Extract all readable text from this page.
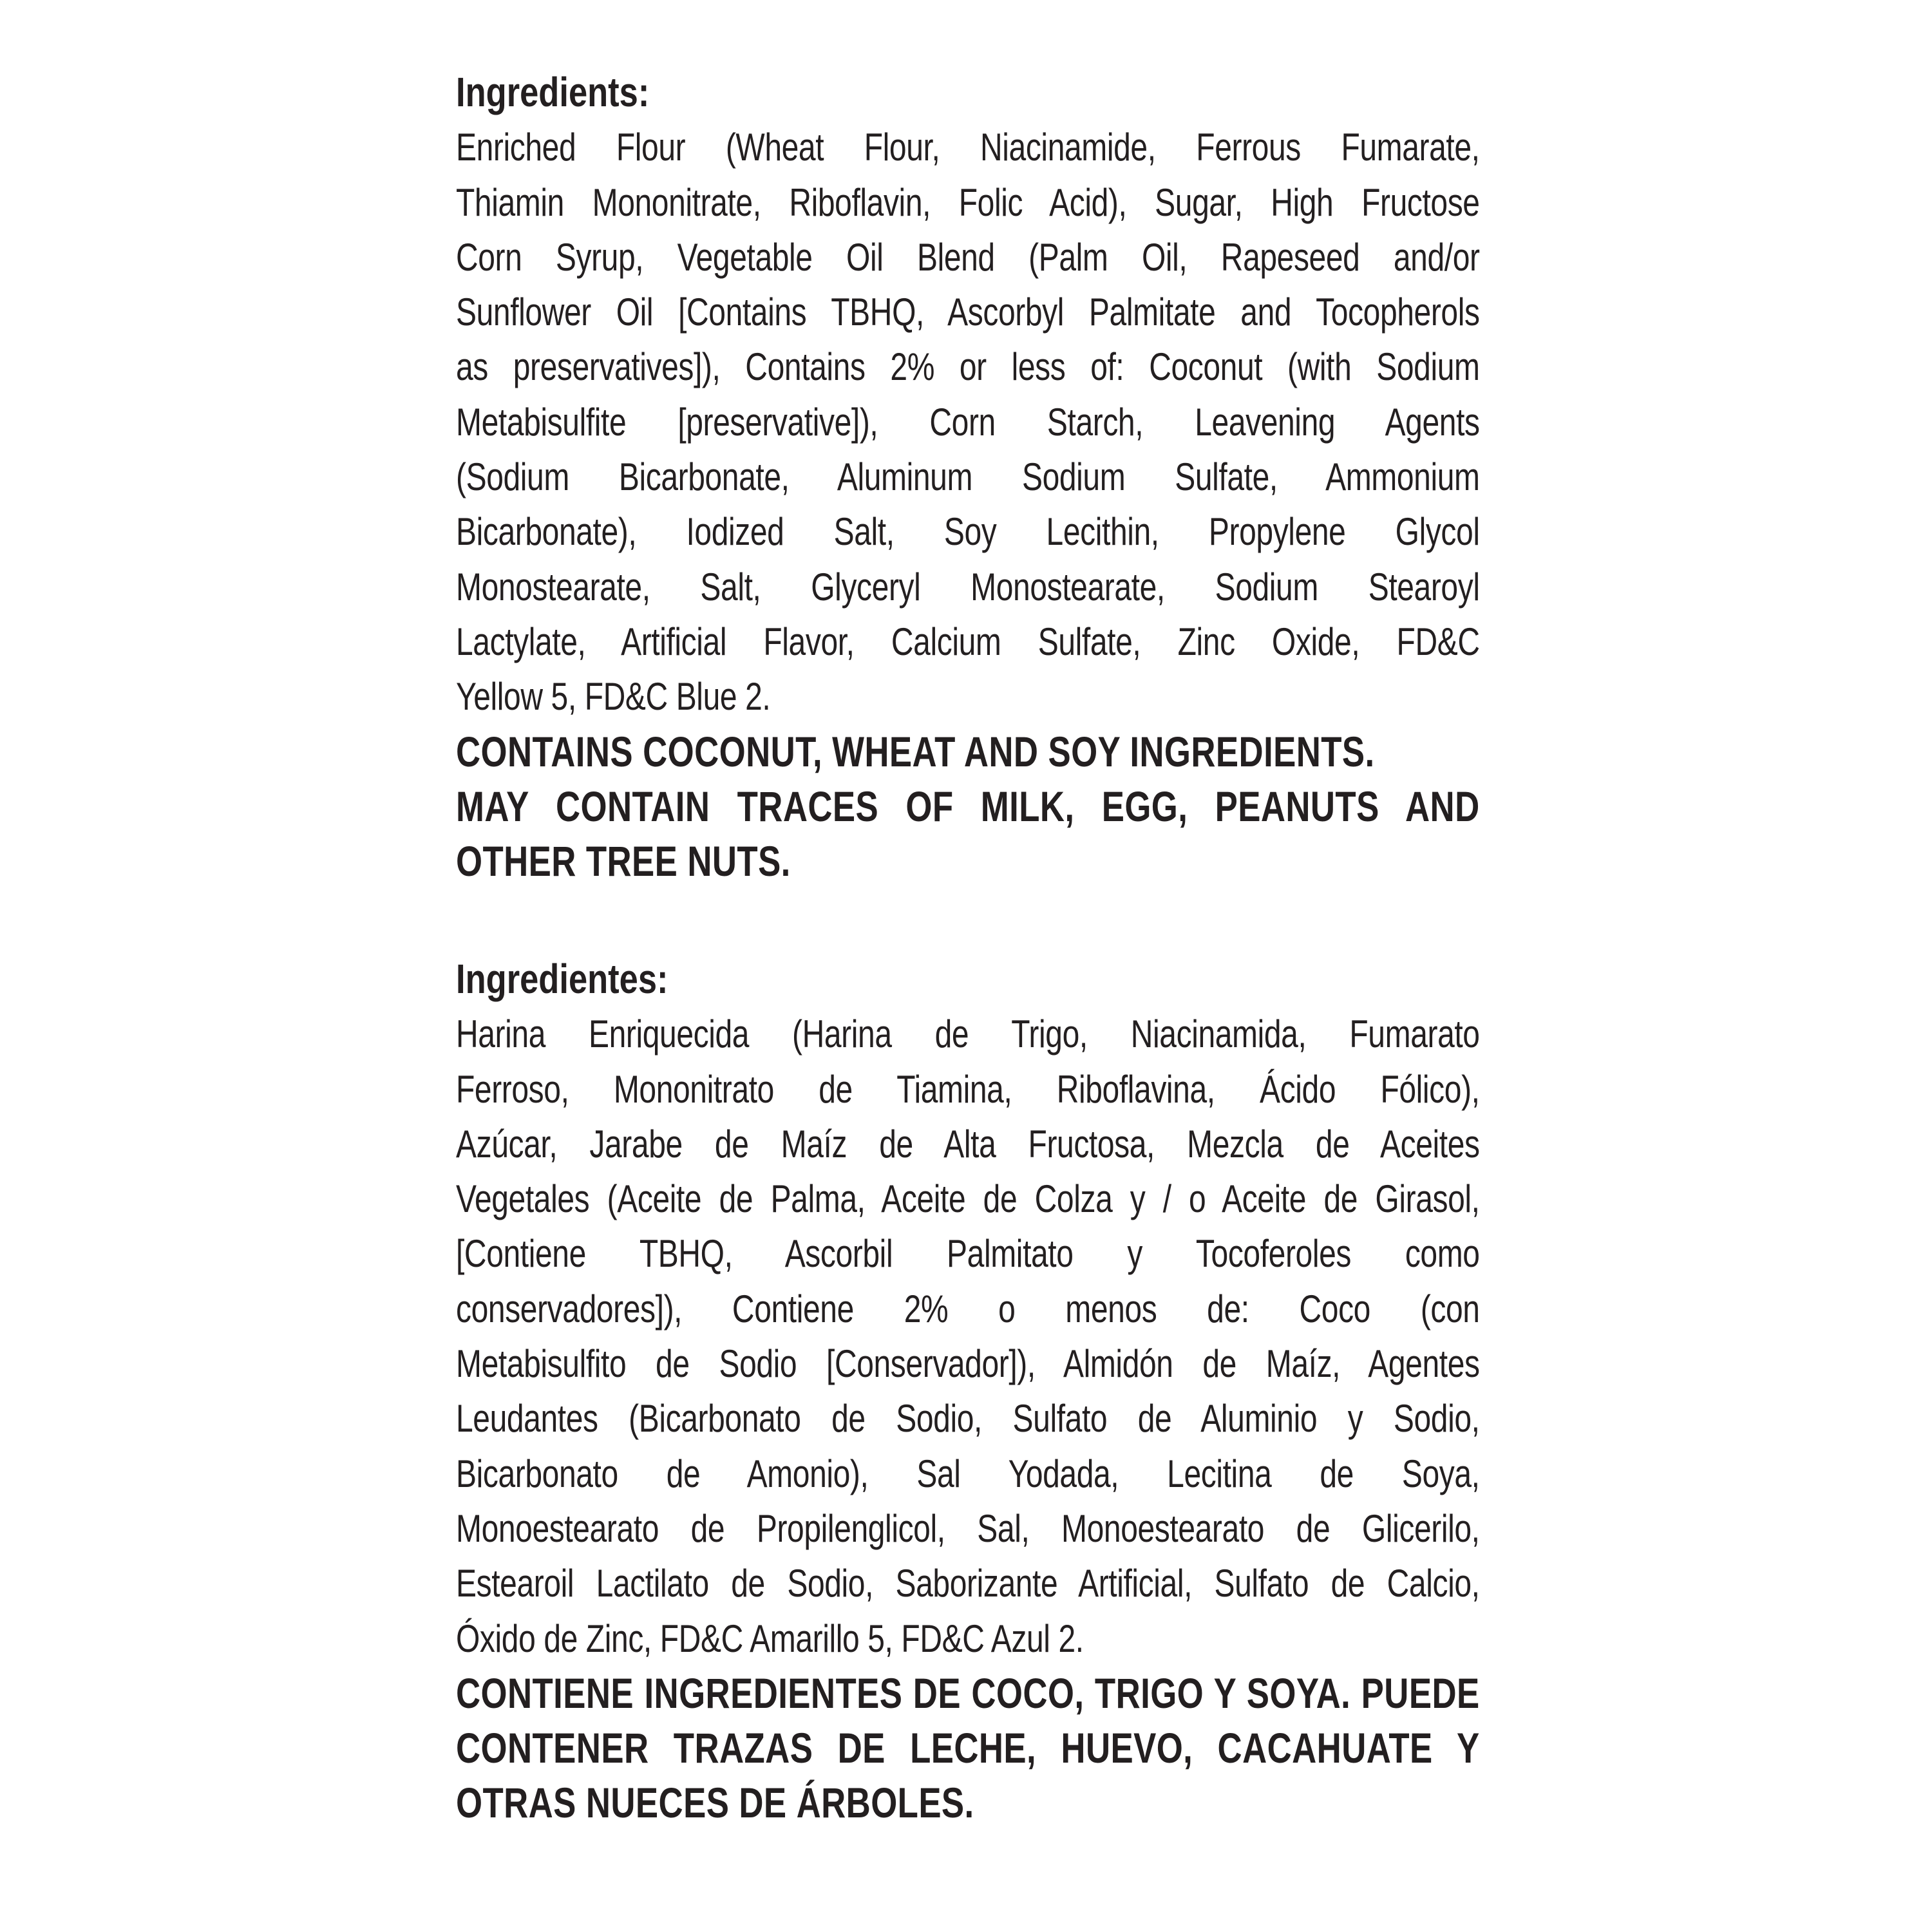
Ingredients:
Enriched Flour (Wheat Flour, Niacinamide, Ferrous Fumarate,
Thiamin Mononitrate, Riboflavin, Folic Acid), Sugar, High Fructose
Corn Syrup, Vegetable Oil Blend (Palm Oil, Rapeseed and/or
Sunflower Oil [Contains TBHQ, Ascorbyl Palmitate and Tocopherols
as preservatives]), Contains 2% or less of: Coconut (with Sodium
Metabisulfite [preservative]), Corn Starch, Leavening Agents
(Sodium Bicarbonate, Aluminum Sodium Sulfate, Ammonium
Bicarbonate), Iodized Salt, Soy Lecithin, Propylene Glycol
Monostearate, Salt, Glyceryl Monostearate, Sodium Stearoyl
Lactylate, Artificial Flavor, Calcium Sulfate, Zinc Oxide, FD&C
Yellow 5, FD&C Blue 2.
CONTAINS COCONUT, WHEAT AND SOY INGREDIENTS.
MAY CONTAIN TRACES OF MILK, EGG, PEANUTS AND
OTHER TREE NUTS.
Ingredientes:
Harina Enriquecida (Harina de Trigo, Niacinamida, Fumarato
Ferroso, Mononitrato de Tiamina, Riboflavina, Ácido Fólico),
Azúcar, Jarabe de Maíz de Alta Fructosa, Mezcla de Aceites
Vegetales (Aceite de Palma, Aceite de Colza y / o Aceite de Girasol,
[Contiene TBHQ, Ascorbil Palmitato y Tocoferoles como
conservadores]), Contiene 2% o menos de: Coco (con
Metabisulfito de Sodio [Conservador]), Almidón de Maíz, Agentes
Leudantes (Bicarbonato de Sodio, Sulfato de Aluminio y Sodio,
Bicarbonato de Amonio), Sal Yodada, Lecitina de Soya,
Monoestearato de Propilenglicol, Sal, Monoestearato de Glicerilo,
Estearoil Lactilato de Sodio, Saborizante Artificial, Sulfato de Calcio,
Óxido de Zinc, FD&C Amarillo 5, FD&C Azul 2.
CONTIENE INGREDIENTES DE COCO, TRIGO Y SOYA. PUEDE
CONTENER TRAZAS DE LECHE, HUEVO, CACAHUATE Y
OTRAS NUECES DE ÁRBOLES.
